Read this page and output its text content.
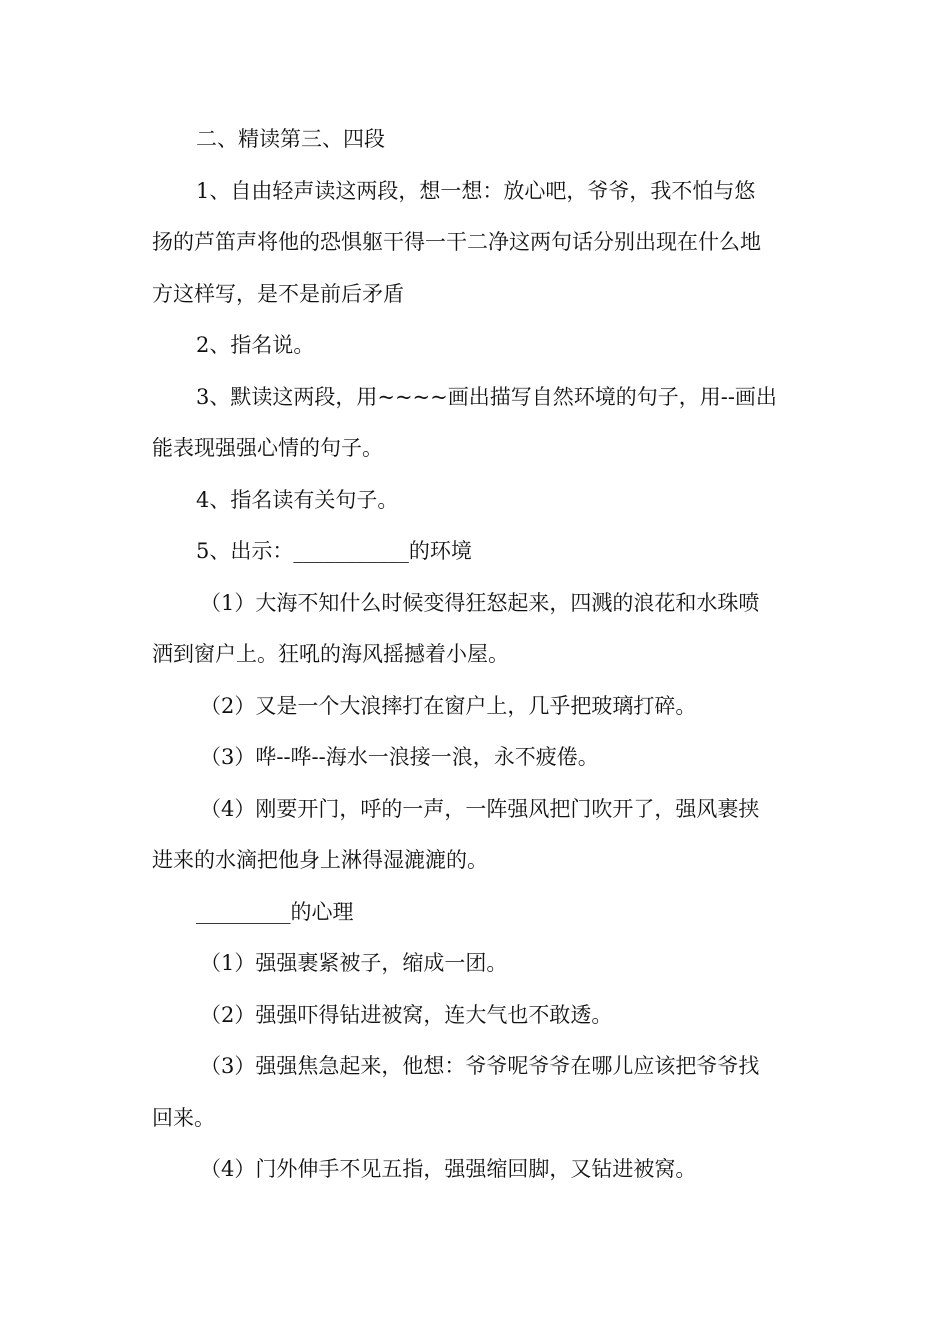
二、精读第三、四段
1、自由轻声读这两段，想一想：放心吧，爷爷，我不怕与悠
扬的芦笛声将他的恐惧躯干得一干二净这两句话分别出现在什么地
方这样写，是不是前后矛盾
2、指名说。
3、默读这两段，用~~~~画出描写自然环境的句子，用--画出
能表现强强心情的句子。
4、指名读有关句子。
5、出示：___________的环境
（1）大海不知什么时候变得狂怒起来，四溅的浪花和水珠喷
洒到窗户上。狂吼的海风摇撼着小屋。
（2）又是一个大浪摔打在窗户上，几乎把玻璃打碎。
（3）哗--哗--海水一浪接一浪，永不疲倦。
（4）刚要开门，呼的一声，一阵强风把门吹开了，强风裹挟
进来的水滴把他身上淋得湿漉漉的。
_________的心理
（1）强强裹紧被子，缩成一团。
（2）强强吓得钻进被窝，连大气也不敢透。
（3）强强焦急起来，他想：爷爷呢爷爷在哪儿应该把爷爷找
回来。
（4）门外伸手不见五指，强强缩回脚，又钻进被窝。
